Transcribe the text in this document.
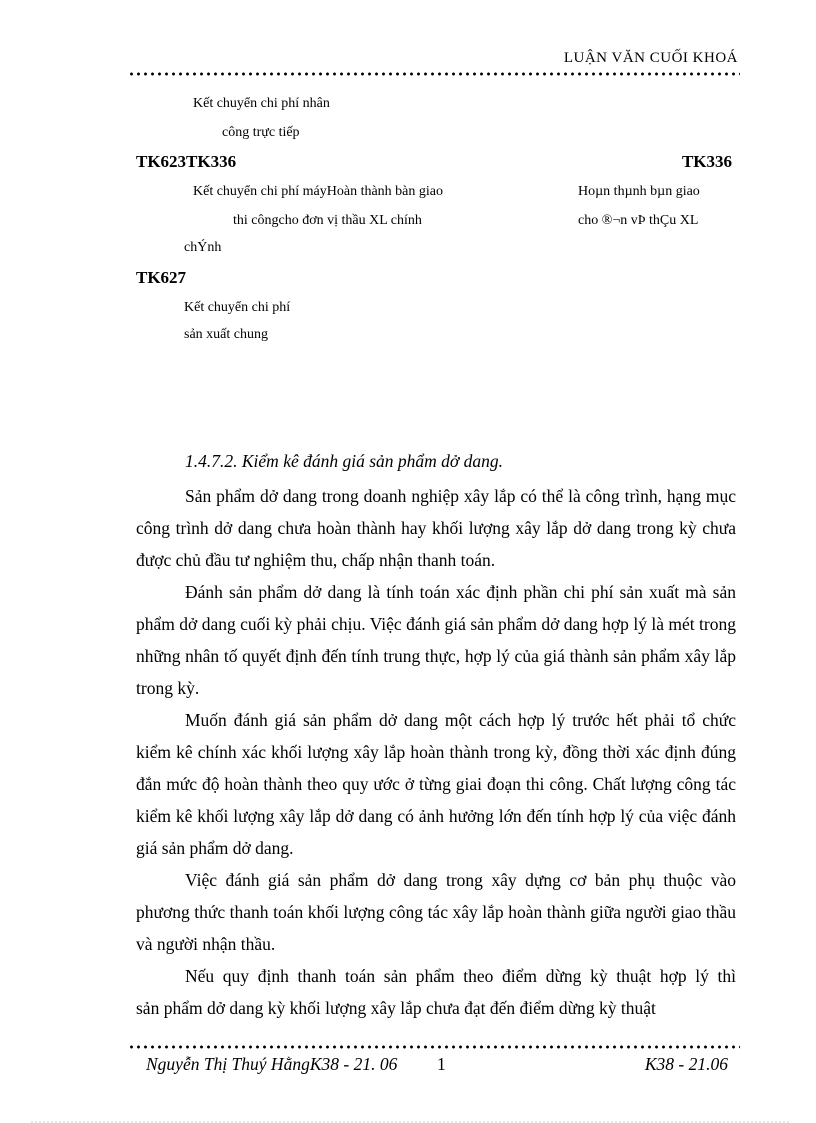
LUẬN VĂN CUỐI KHOÁ
Kết chuyển chi phí nhân
công trực tiếp
TK623TK336	TK336
Kết chuyển chi phí máyHoàn thành bàn giao
thi côngcho đơn vị thầu XL chính
Hoµn thµnh bµn giao
cho ®¬n vÞ thÇu XL
chÝnh
TK627
Kết chuyển chi phí
sản xuất chung
1.4.7.2. Kiểm kê đánh giá sản phẩm dở dang.

Sản phẩm dở dang trong doanh nghiệp xây lắp có thể là công trình, hạng mục công trình dở dang chưa hoàn thành hay khối lượng xây lắp dở dang trong kỳ chưa được chủ đầu tư nghiệm thu, chấp nhận thanh toán.

Đánh sản phẩm dở dang là tính toán xác định phần chi phí sản xuất mà sản phẩm dở dang cuối kỳ phải chịu. Việc đánh giá sản phẩm dở dang hợp lý là mét trong những nhân tố quyết định đến tính trung thực, hợp lý của giá thành sản phẩm xây lắp trong kỳ.

Muốn đánh giá sản phẩm dở dang một cách hợp lý trước hết phải tổ chức kiểm kê chính xác khối lượng xây lắp hoàn thành trong kỳ, đồng thời xác định đúng đắn mức độ hoàn thành theo quy ước ở từng giai đoạn thi công. Chất lượng công tác kiểm kê khối lượng xây lắp dở dang có ảnh hưởng lớn đến tính hợp lý của việc đánh giá sản phẩm dở dang.

Việc đánh giá sản phẩm dở dang trong xây dựng cơ bản phụ thuộc vào phương thức thanh toán khối lượng công tác xây lắp hoàn thành giữa người giao thầu và người nhận thầu.

Nếu quy định thanh toán sản phẩm theo điểm dừng kỳ thuật hợp lý thì
sản phẩm dở dang kỳ khối lượng xây lắp chưa đạt đến điểm dừng kỳ thuật
Nguyễn Thị Thuý HằngK38 - 21. 06 1	K38 - 21.06
